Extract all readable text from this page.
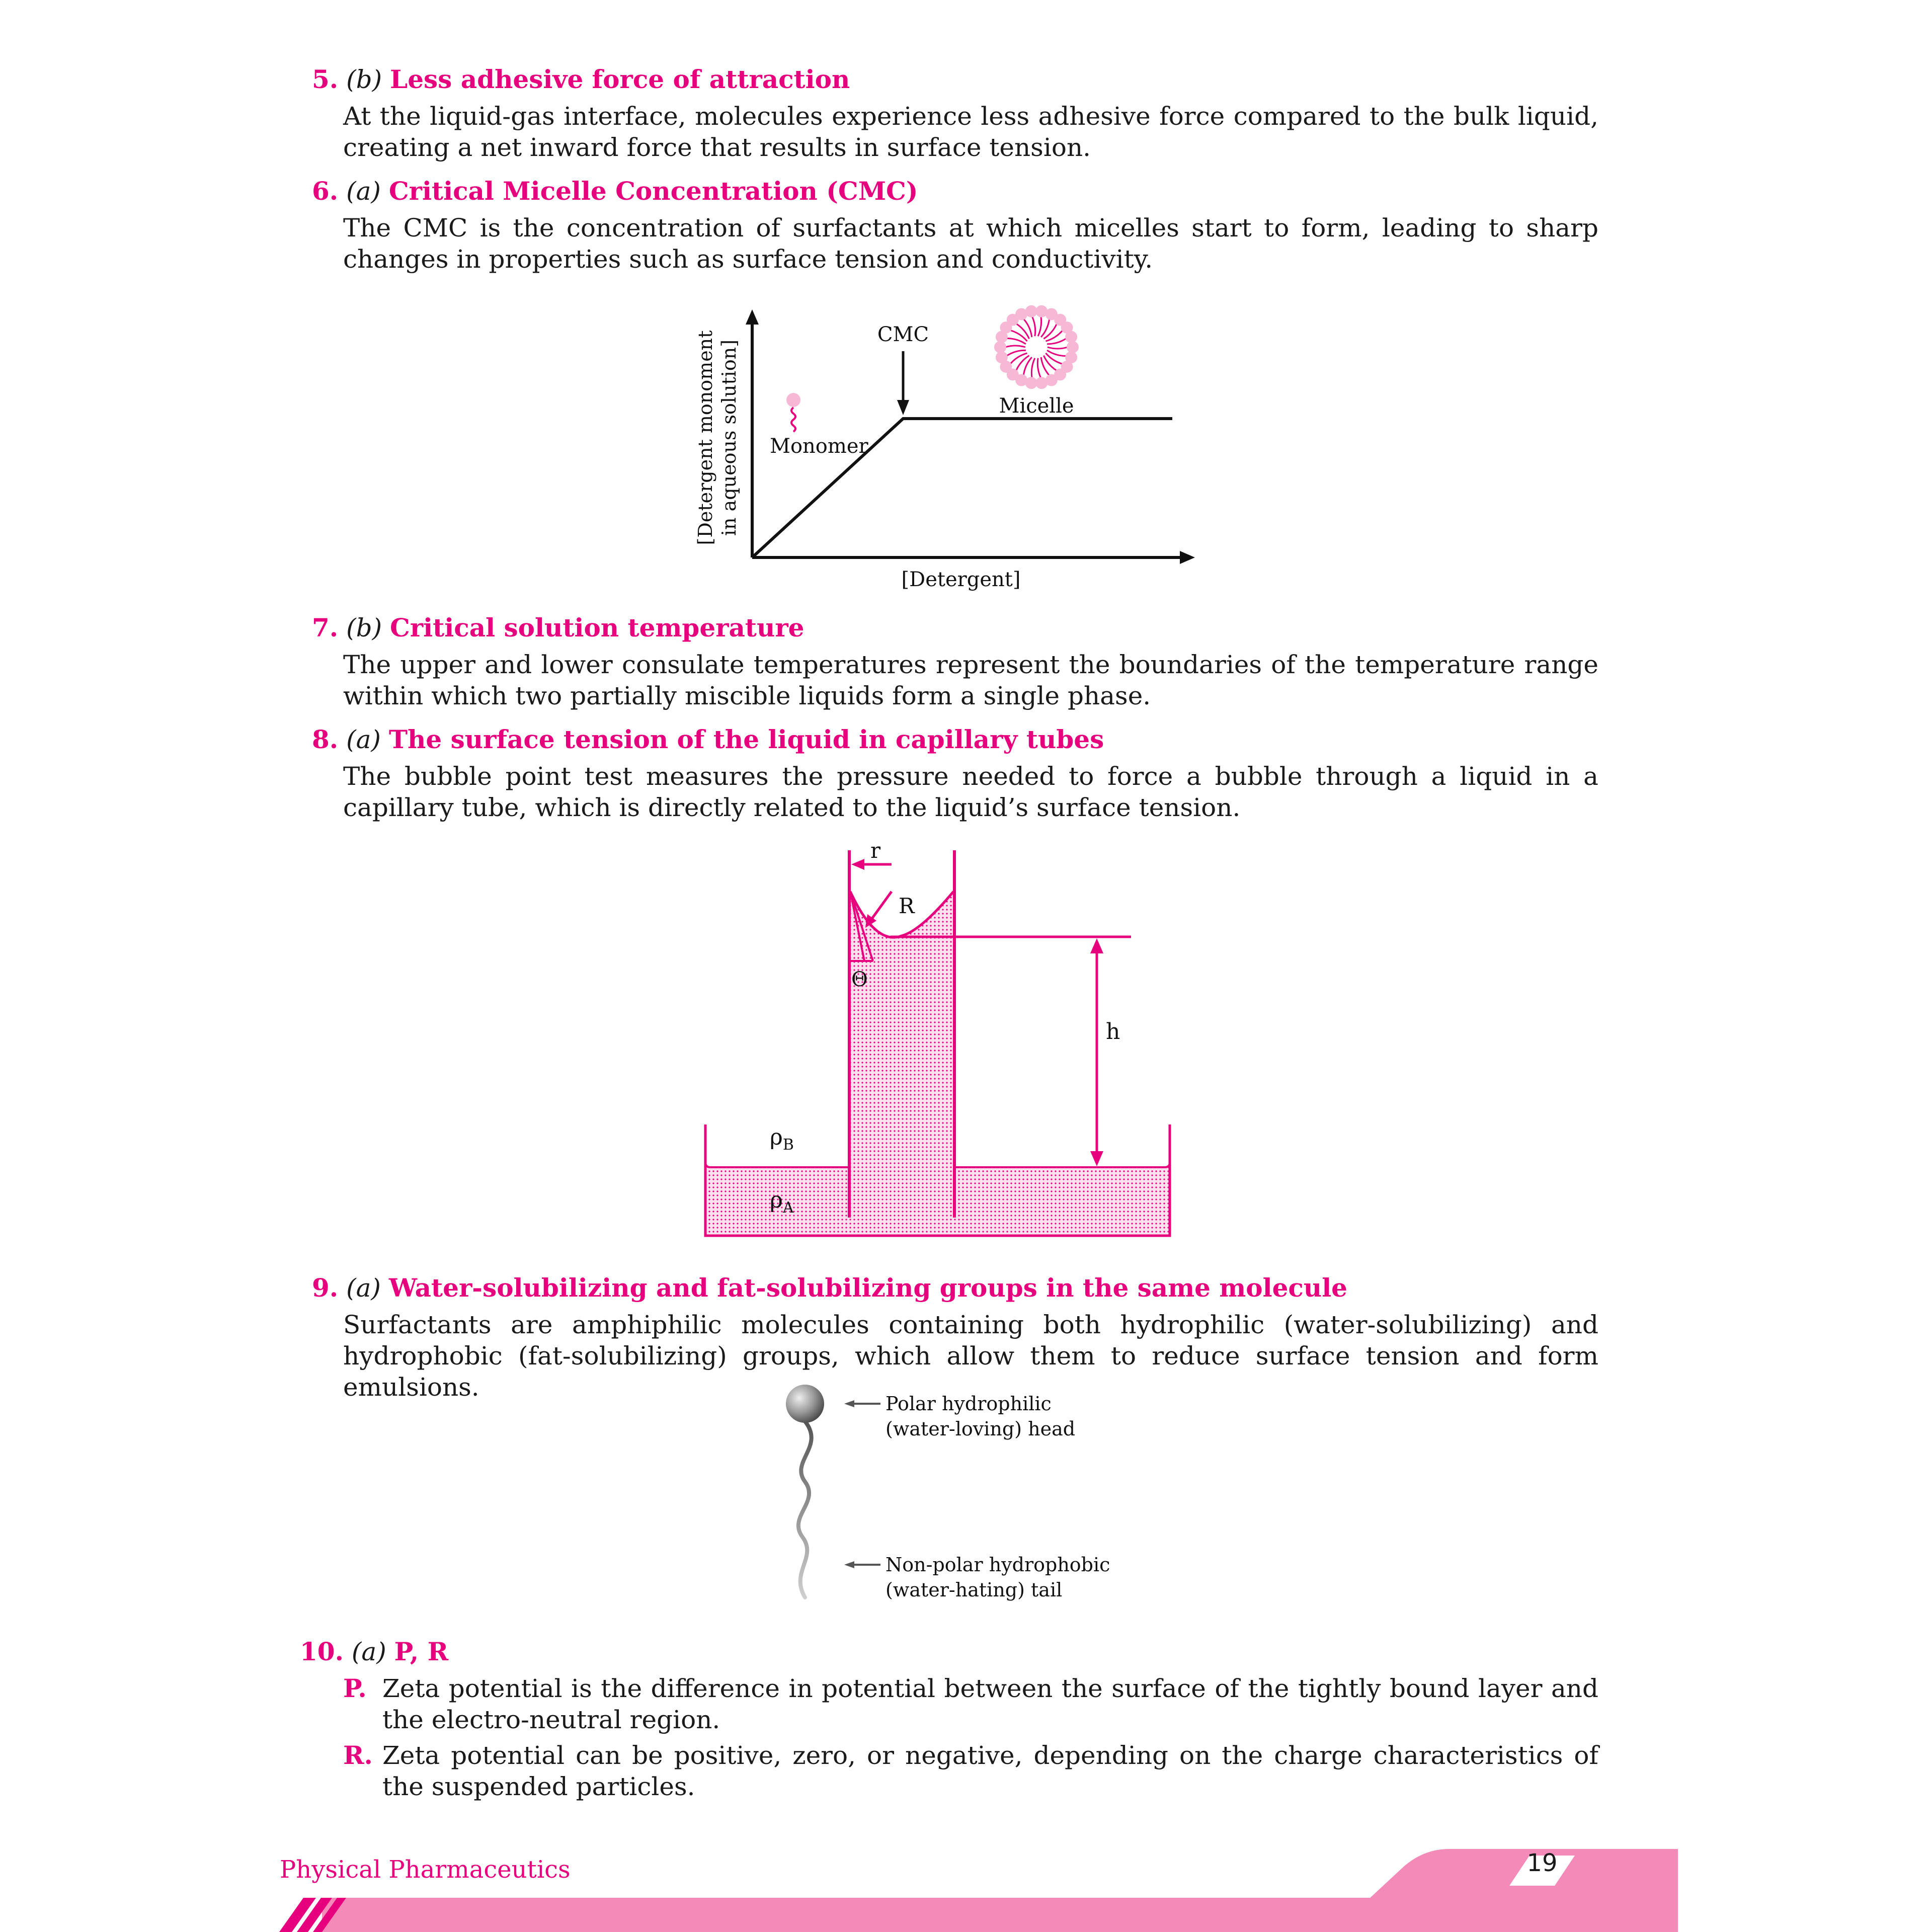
5. (b) Less adhesive force of attraction
At the liquid-gas interface, molecules experience less adhesive force compared to the bulk liquid, creating a net inward force that results in surface tension.
6. (a) Critical Micelle Concentration (CMC)
The CMC is the concentration of surfactants at which micelles start to form, leading to sharp changes in properties such as surface tension and conductivity.
CMC
Monomer
Micelle
[Detergent monoment in aqueous solution]
[Detergent]
7. (b) Critical solution temperature
The upper and lower consulate temperatures represent the boundaries of the temperature range within which two partially miscible liquids form a single phase.
8. (a) The surface tension of the liquid in capillary tubes
The bubble point test measures the pressure needed to force a bubble through a liquid in a capillary tube, which is directly related to the liquid’s surface tension.
r
R
Θ
h
$\rho_B$
$\rho_A$
9. (a) Water-solubilizing and fat-solubilizing groups in the same molecule
Surfactants are amphiphilic molecules containing both hydrophilic (water-solubilizing) and hydrophobic (fat-solubilizing) groups, which allow them to reduce surface tension and form emulsions.
Polar hydrophilic
(water-loving) head
Non-polar hydrophobic
(water-hating) tail
10. (a) P, R
P. Zeta potential is the difference in potential between the surface of the tightly bound layer and the electro-neutral region.
R. Zeta potential can be positive, zero, or negative, depending on the charge characteristics of the suspended particles.
Physical Pharmaceutics	19
